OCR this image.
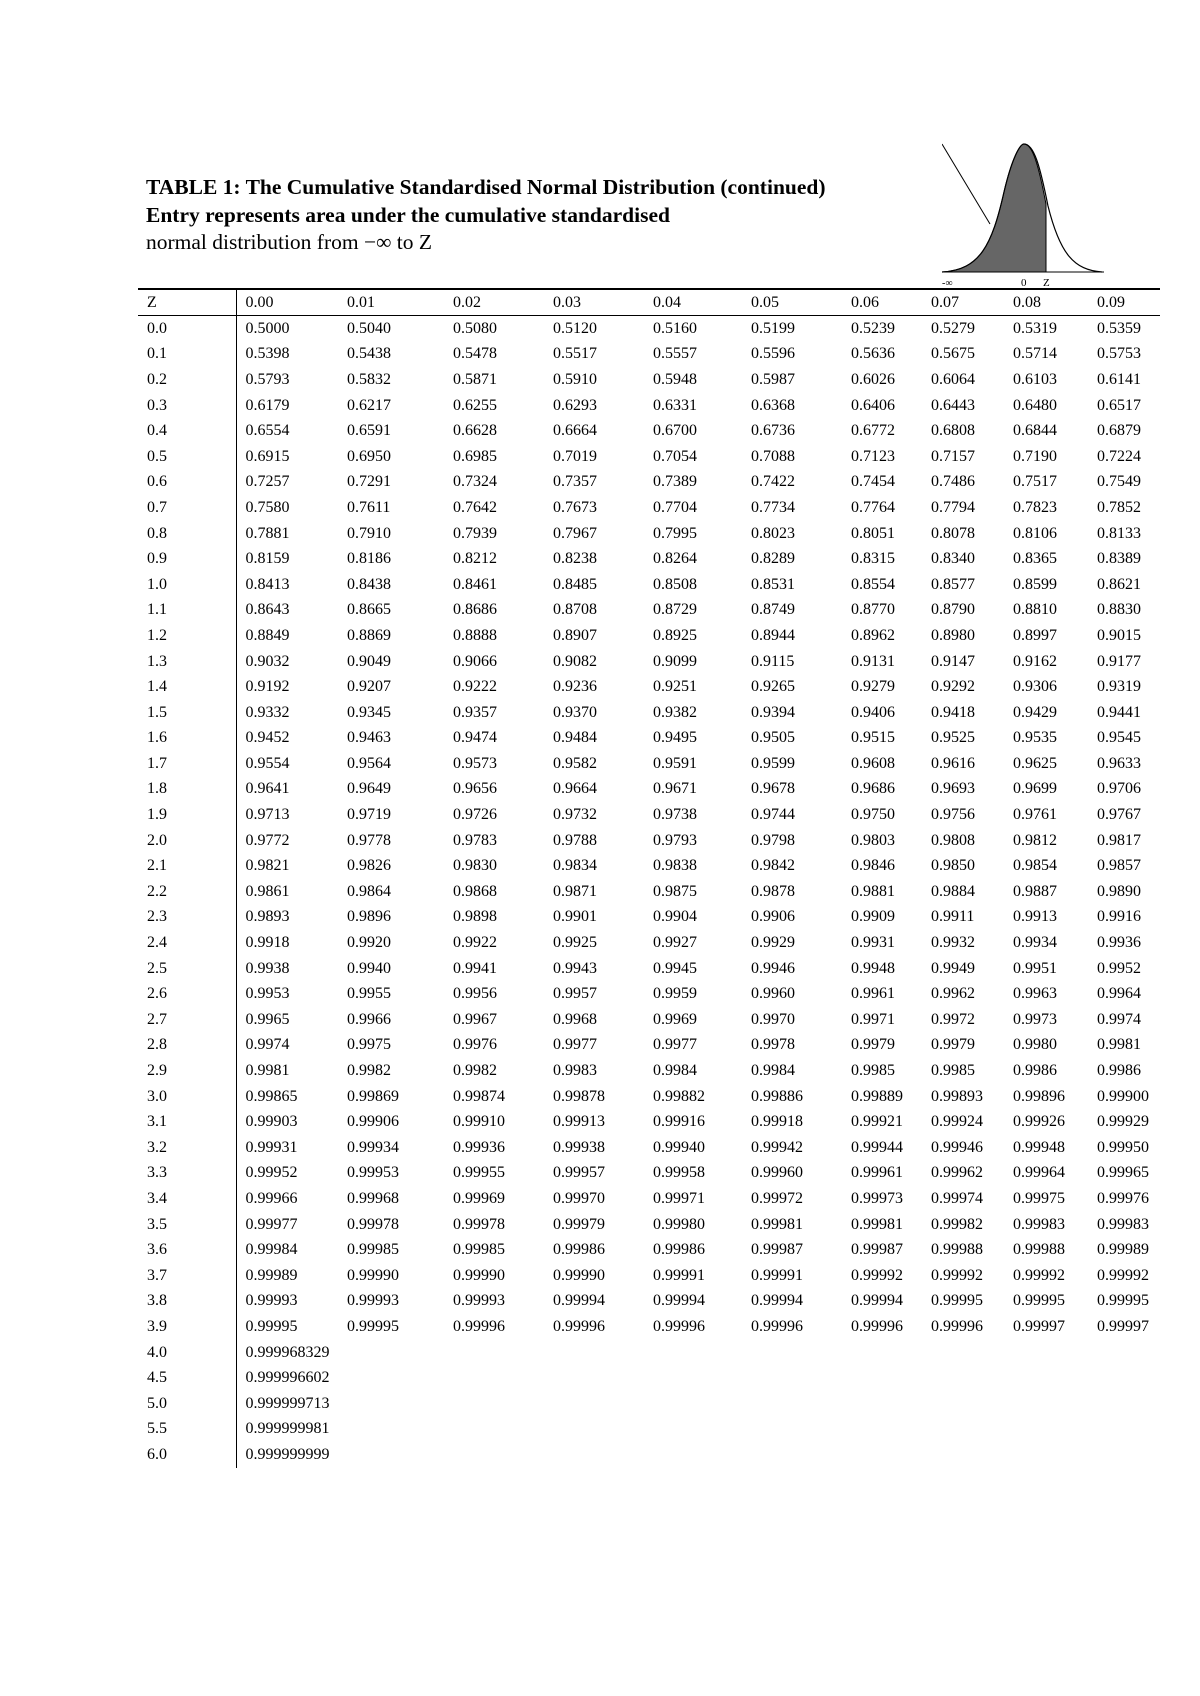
TABLE 1: The Cumulative Standardised Normal Distribution (continued)
Entry represents area under the cumulative standardised
normal distribution from −∞ to Z
-∞	0 Z
Z	0.00	0.01	0.02	0.03	0.04	0.05	0.06	0.07	0.08	0.09
0.0	0.5000	0.5040	0.5080	0.5120	0.5160	0.5199	0.5239	0.5279	0.5319	0.5359
0.1	0.5398	0.5438	0.5478	0.5517	0.5557	0.5596	0.5636	0.5675	0.5714	0.5753
0.2	0.5793	0.5832	0.5871	0.5910	0.5948	0.5987	0.6026	0.6064	0.6103	0.6141
0.3	0.6179	0.6217	0.6255	0.6293	0.6331	0.6368	0.6406	0.6443	0.6480	0.6517
0.4	0.6554	0.6591	0.6628	0.6664	0.6700	0.6736	0.6772	0.6808	0.6844	0.6879
0.5	0.6915	0.6950	0.6985	0.7019	0.7054	0.7088	0.7123	0.7157	0.7190	0.7224
0.6	0.7257	0.7291	0.7324	0.7357	0.7389	0.7422	0.7454	0.7486	0.7517	0.7549
0.7	0.7580	0.7611	0.7642	0.7673	0.7704	0.7734	0.7764	0.7794	0.7823	0.7852
0.8	0.7881	0.7910	0.7939	0.7967	0.7995	0.8023	0.8051	0.8078	0.8106	0.8133
0.9	0.8159	0.8186	0.8212	0.8238	0.8264	0.8289	0.8315	0.8340	0.8365	0.8389
1.0	0.8413	0.8438	0.8461	0.8485	0.8508	0.8531	0.8554	0.8577	0.8599	0.8621
1.1	0.8643	0.8665	0.8686	0.8708	0.8729	0.8749	0.8770	0.8790	0.8810	0.8830
1.2	0.8849	0.8869	0.8888	0.8907	0.8925	0.8944	0.8962	0.8980	0.8997	0.9015
1.3	0.9032	0.9049	0.9066	0.9082	0.9099	0.9115	0.9131	0.9147	0.9162	0.9177
1.4	0.9192	0.9207	0.9222	0.9236	0.9251	0.9265	0.9279	0.9292	0.9306	0.9319
1.5	0.9332	0.9345	0.9357	0.9370	0.9382	0.9394	0.9406	0.9418	0.9429	0.9441
1.6	0.9452	0.9463	0.9474	0.9484	0.9495	0.9505	0.9515	0.9525	0.9535	0.9545
1.7	0.9554	0.9564	0.9573	0.9582	0.9591	0.9599	0.9608	0.9616	0.9625	0.9633
1.8	0.9641	0.9649	0.9656	0.9664	0.9671	0.9678	0.9686	0.9693	0.9699	0.9706
1.9	0.9713	0.9719	0.9726	0.9732	0.9738	0.9744	0.9750	0.9756	0.9761	0.9767
2.0	0.9772	0.9778	0.9783	0.9788	0.9793	0.9798	0.9803	0.9808	0.9812	0.9817
2.1	0.9821	0.9826	0.9830	0.9834	0.9838	0.9842	0.9846	0.9850	0.9854	0.9857
2.2	0.9861	0.9864	0.9868	0.9871	0.9875	0.9878	0.9881	0.9884	0.9887	0.9890
2.3	0.9893	0.9896	0.9898	0.9901	0.9904	0.9906	0.9909	0.9911	0.9913	0.9916
2.4	0.9918	0.9920	0.9922	0.9925	0.9927	0.9929	0.9931	0.9932	0.9934	0.9936
2.5	0.9938	0.9940	0.9941	0.9943	0.9945	0.9946	0.9948	0.9949	0.9951	0.9952
2.6	0.9953	0.9955	0.9956	0.9957	0.9959	0.9960	0.9961	0.9962	0.9963	0.9964
2.7	0.9965	0.9966	0.9967	0.9968	0.9969	0.9970	0.9971	0.9972	0.9973	0.9974
2.8	0.9974	0.9975	0.9976	0.9977	0.9977	0.9978	0.9979	0.9979	0.9980	0.9981
2.9	0.9981	0.9982	0.9982	0.9983	0.9984	0.9984	0.9985	0.9985	0.9986	0.9986
3.0	0.99865	0.99869	0.99874	0.99878	0.99882	0.99886	0.99889	0.99893	0.99896	0.99900
3.1	0.99903	0.99906	0.99910	0.99913	0.99916	0.99918	0.99921	0.99924	0.99926	0.99929
3.2	0.99931	0.99934	0.99936	0.99938	0.99940	0.99942	0.99944	0.99946	0.99948	0.99950
3.3	0.99952	0.99953	0.99955	0.99957	0.99958	0.99960	0.99961	0.99962	0.99964	0.99965
3.4	0.99966	0.99968	0.99969	0.99970	0.99971	0.99972	0.99973	0.99974	0.99975	0.99976
3.5	0.99977	0.99978	0.99978	0.99979	0.99980	0.99981	0.99981	0.99982	0.99983	0.99983
3.6	0.99984	0.99985	0.99985	0.99986	0.99986	0.99987	0.99987	0.99988	0.99988	0.99989
3.7	0.99989	0.99990	0.99990	0.99990	0.99991	0.99991	0.99992	0.99992	0.99992	0.99992
3.8	0.99993	0.99993	0.99993	0.99994	0.99994	0.99994	0.99994	0.99995	0.99995	0.99995
3.9	0.99995	0.99995	0.99996	0.99996	0.99996	0.99996	0.99996	0.99996	0.99997	0.99997
4.0	0.999968329									
4.5	0.999996602									
5.0	0.999999713									
5.5	0.999999981									
6.0	0.999999999									
